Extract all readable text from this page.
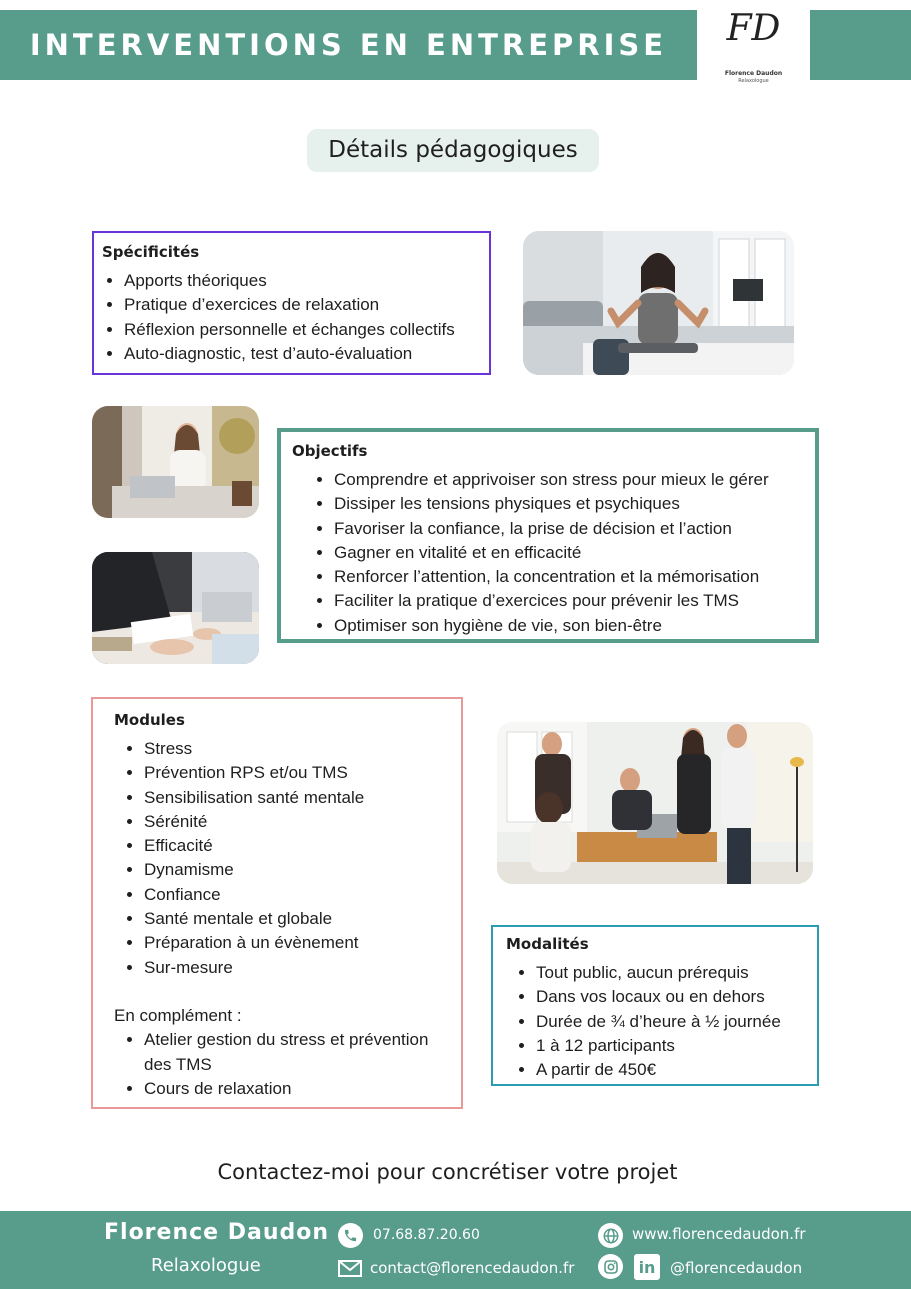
INTERVENTIONS EN ENTREPRISE	FD
Florence Daudon
Relaxologue
Détails pédagogiques
Spécificités
• Apports théoriques
• Pratique d’exercices de relaxation
• Réflexion personnelle et échanges collectifs
• Auto-diagnostic, test d’auto-évaluation
Objectifs
• Comprendre et apprivoiser son stress pour mieux le gérer
• Dissiper les tensions physiques et psychiques
• Favoriser la confiance, la prise de décision et l’action
• Gagner en vitalité et en efficacité
• Renforcer l’attention, la concentration et la mémorisation
• Faciliter la pratique d’exercices pour prévenir les TMS
• Optimiser son hygiène de vie, son bien-être
Modules
• Stress
• Prévention RPS et/ou TMS
• Sensibilisation santé mentale
• Sérénité
• Efficacité
• Dynamisme
• Confiance
• Santé mentale et globale
• Préparation à un évènement
• Sur-mesure

En complément :

• Atelier gestion du stress et prévention des TMS
• Cours de relaxation
Modalités
• Tout public, aucun prérequis
• Dans vos locaux ou en dehors
• Durée de ¾ d’heure à ½ journée
• 1 à 12 participants
• A partir de 450€
Contactez-moi pour concrétiser votre projet
Florence Daudon
Relaxologue
07.68.87.20.60
contact@florencedaudon.fr
www.florencedaudon.fr
in @florencedaudon
